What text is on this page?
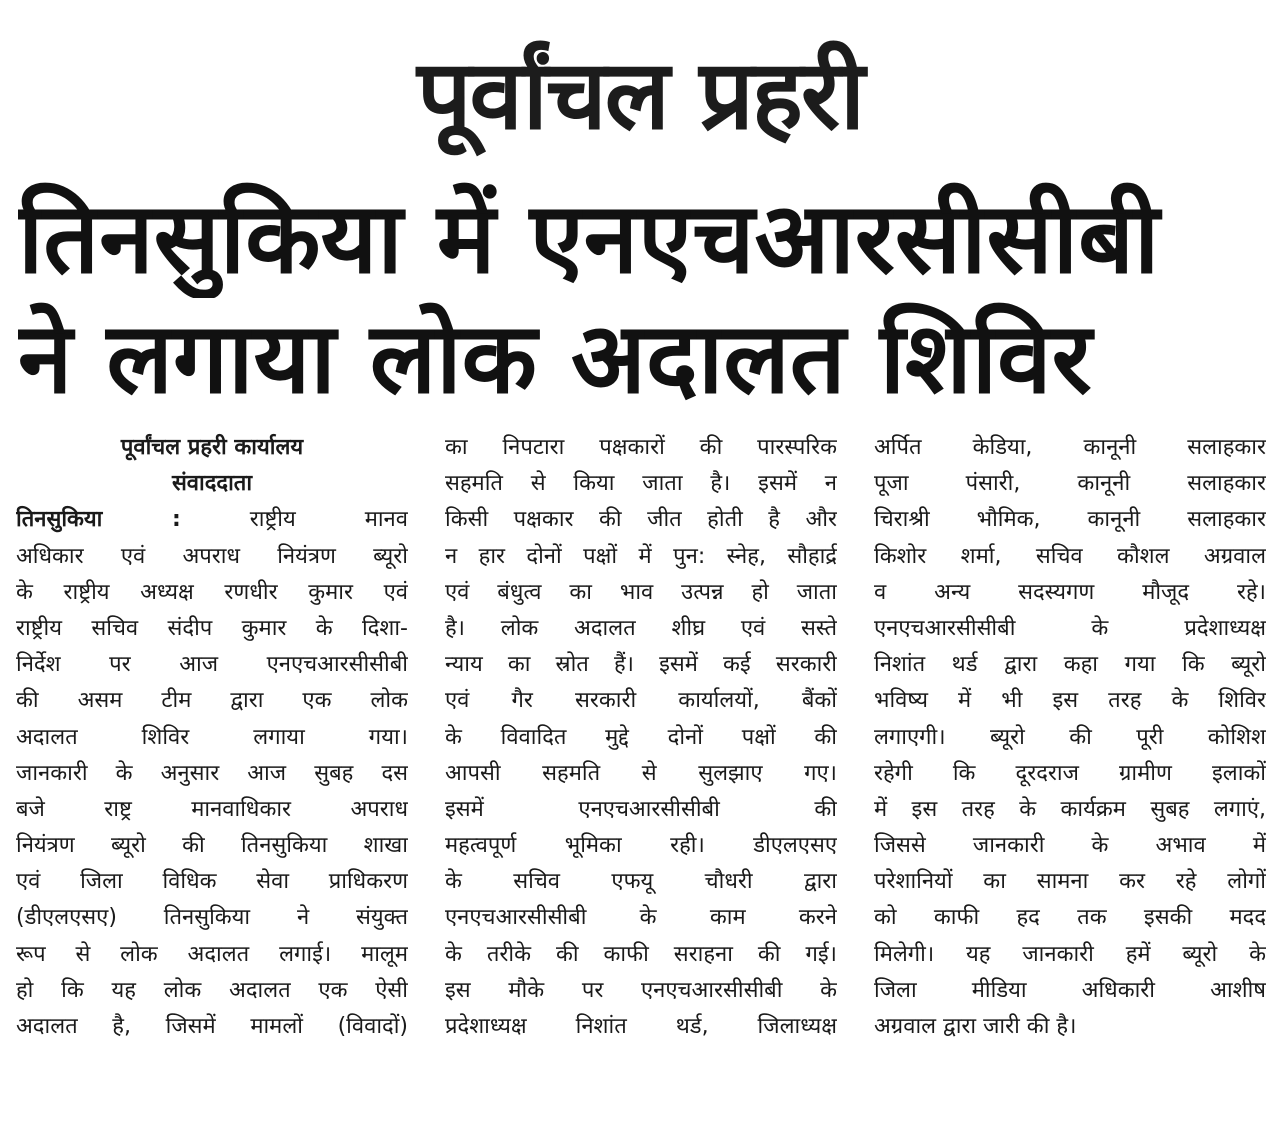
पूर्वांचल प्रहरी
तिनसुकिया में एनएचआरसीसीबी
ने लगाया लोक अदालत शिविर
पूर्वांचल प्रहरी कार्यालय
संवाददाता
तिनसुकिया :	राष्ट्रीय मानव
अधिकार एवं अपराध नियंत्रण ब्यूरो
के राष्ट्रीय अध्यक्ष रणधीर कुमार एवं
राष्ट्रीय सचिव संदीप कुमार के दिशा-
निर्देश पर आज एनएचआरसीसीबी
की असम टीम द्वारा एक लोक
अदालत शिविर लगाया गया।
जानकारी के अनुसार आज सुबह दस
बजे राष्ट्र मानवाधिकार अपराध
नियंत्रण ब्यूरो की तिनसुकिया शाखा
एवं जिला विधिक सेवा प्राधिकरण
(डीएलएसए) तिनसुकिया ने संयुक्त
रूप से लोक अदालत लगाई। मालूम
हो कि यह लोक अदालत एक ऐसी
अदालत है, जिसमें मामलों (विवादों)
का निपटारा पक्षकारों की पारस्परिक
सहमति से किया जाता है। इसमें न
किसी पक्षकार की जीत होती है और
न हार दोनों पक्षों में पुन: स्नेह, सौहार्द्र
एवं बंधुत्व का भाव उत्पन्न हो जाता
है। लोक अदालत शीघ्र एवं सस्ते
न्याय का स्रोत हैं। इसमें कई सरकारी
एवं गैर सरकारी कार्यालयों, बैंकों
के विवादित मुद्दे दोनों पक्षों की
आपसी सहमति से सुलझाए गए।
इसमें एनएचआरसीसीबी की
महत्वपूर्ण भूमिका रही। डीएलएसए
के सचिव एफयू चौधरी द्वारा
एनएचआरसीसीबी के काम करने
के तरीके की काफी सराहना की गई।
इस मौके पर एनएचआरसीसीबी के
प्रदेशाध्यक्ष निशांत थर्ड, जिलाध्यक्ष
अर्पित केडिया, कानूनी सलाहकार
पूजा पंसारी, कानूनी सलाहकार
चिराश्री भौमिक, कानूनी सलाहकार
किशोर शर्मा, सचिव कौशल अग्रवाल
व अन्य सदस्यगण मौजूद रहे।
एनएचआरसीसीबी के प्रदेशाध्यक्ष
निशांत थर्ड द्वारा कहा गया कि ब्यूरो
भविष्य में भी इस तरह के शिविर
लगाएगी। ब्यूरो की पूरी कोशिश
रहेगी कि दूरदराज ग्रामीण इलाकों
में इस तरह के कार्यक्रम सुबह लगाएं,
जिससे जानकारी के अभाव में
परेशानियों का सामना कर रहे लोगों
को काफी हद तक इसकी मदद
मिलेगी। यह जानकारी हमें ब्यूरो के
जिला मीडिया अधिकारी आशीष
अग्रवाल द्वारा जारी की है।
